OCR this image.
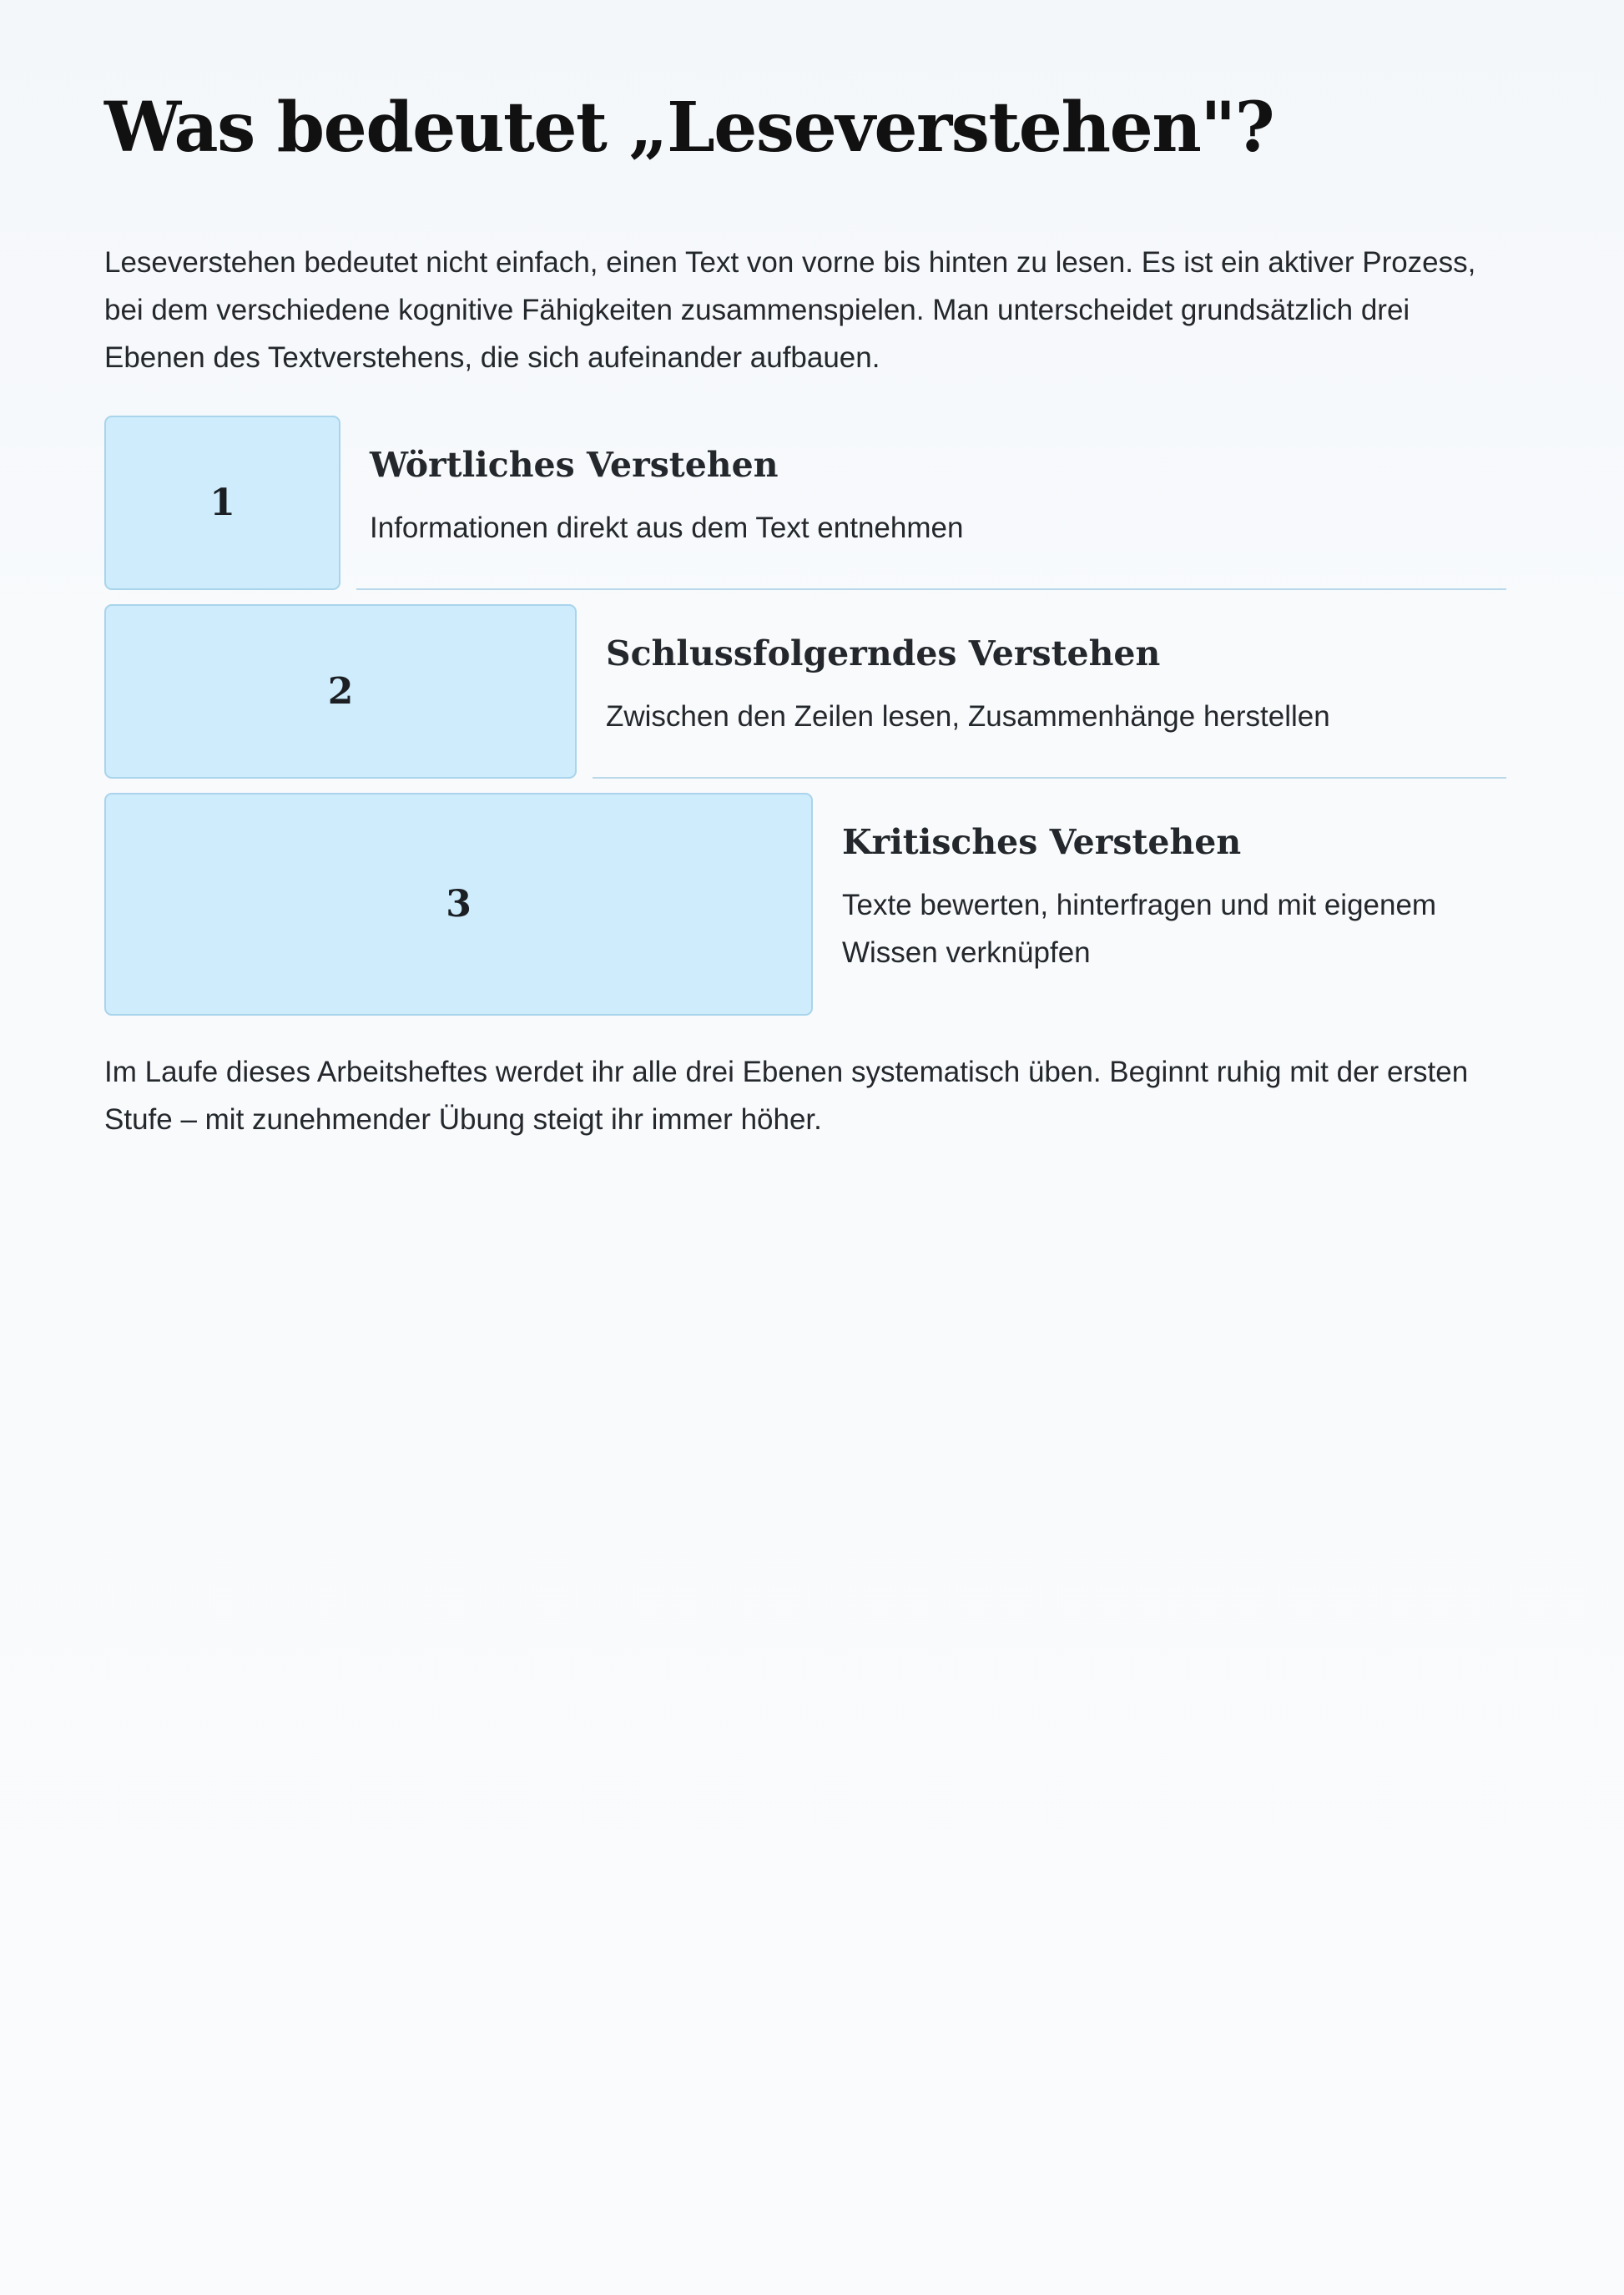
Was bedeutet „Leseverstehen"?

Leseverstehen bedeutet nicht einfach, einen Text von vorne bis hinten zu lesen. Es ist ein aktiver Prozess, bei dem verschiedene kognitive Fähigkeiten zusammenspielen. Man unterscheidet grundsätzlich drei Ebenen des Textverstehens, die sich aufeinander aufbauen.

1
Wörtliches Verstehen

Informationen direkt aus dem Text entnehmen

2
Schlussfolgerndes Verstehen

Zwischen den Zeilen lesen, Zusammenhänge herstellen

3
Kritisches Verstehen

Texte bewerten, hinterfragen und mit eigenem Wissen verknüpfen

Im Laufe dieses Arbeitsheftes werdet ihr alle drei Ebenen systematisch üben. Beginnt ruhig mit der ersten Stufe – mit zunehmender Übung steigt ihr immer höher.
